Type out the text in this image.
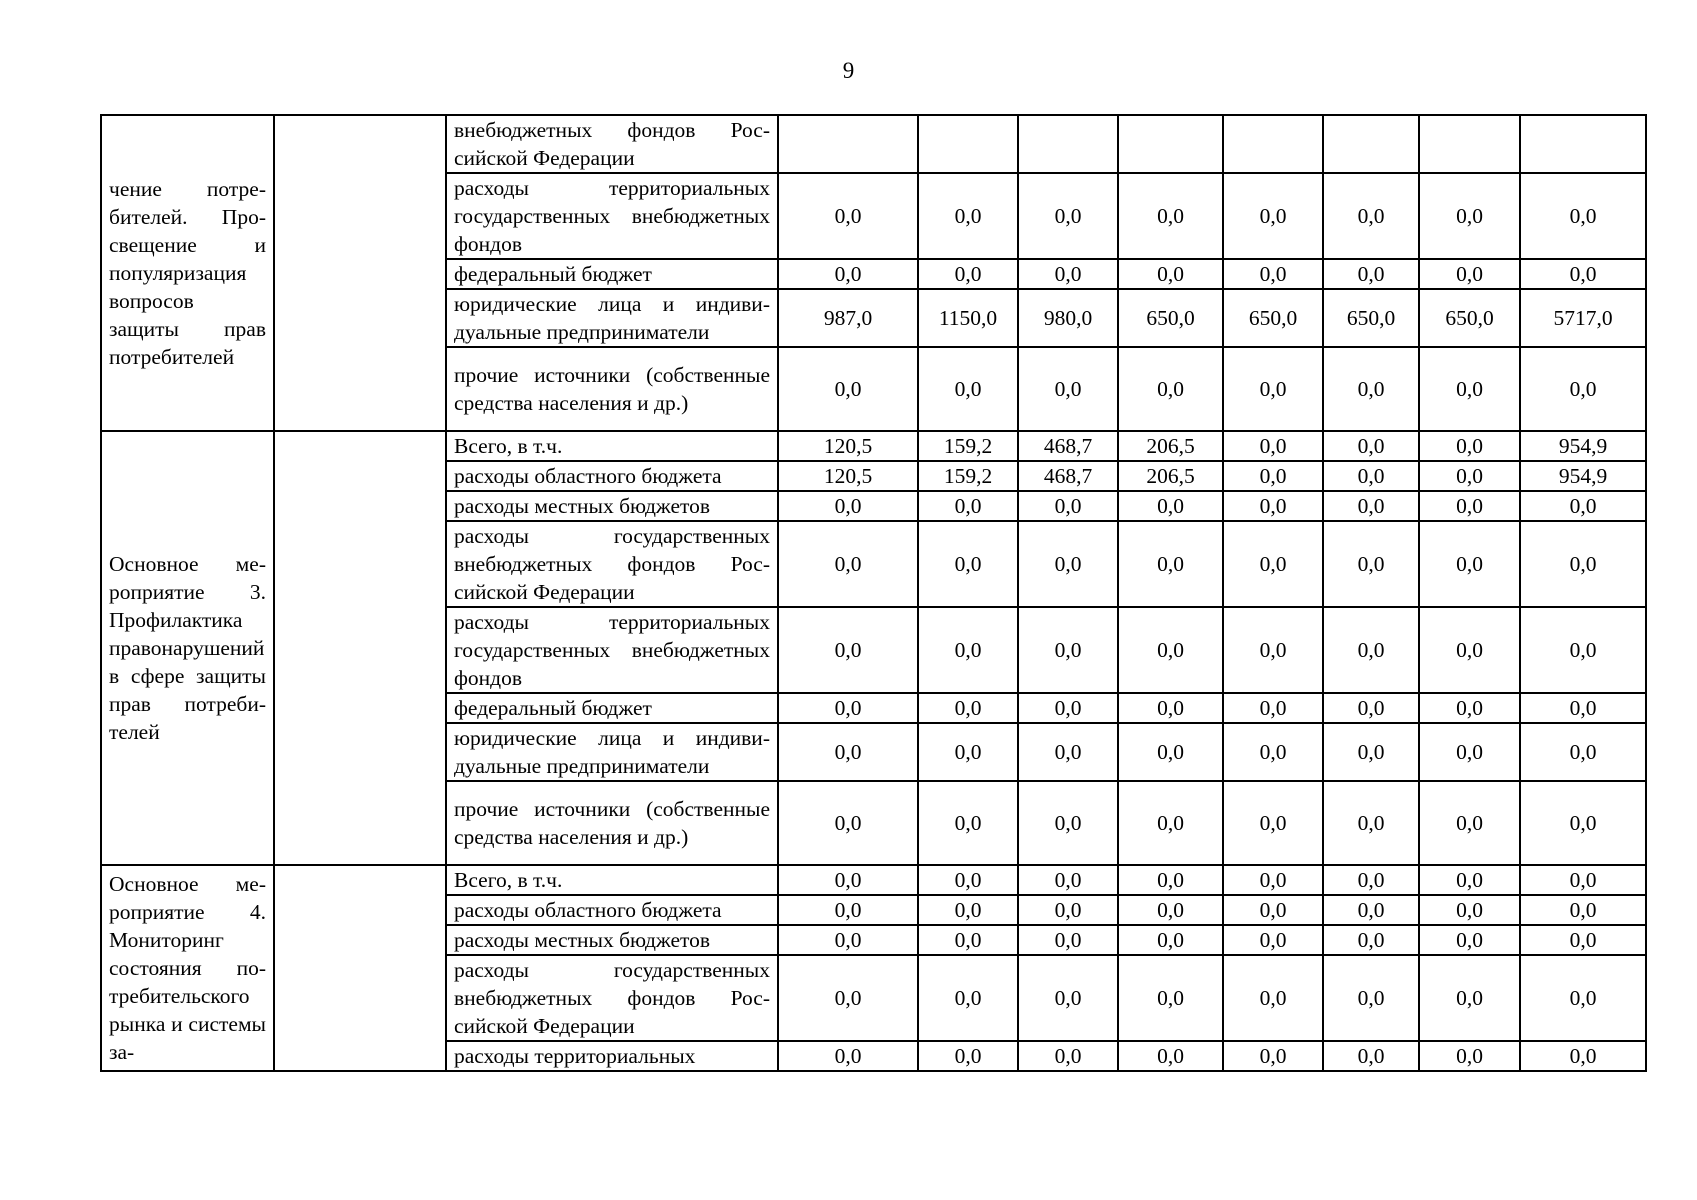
9
чение потребителей. Просвещение и популяризация вопросов защиты прав потребителей		внебюджетных фондов Российской Федерации								
		расходы территориальных государственных внебюджетных фондов	0,0	0,0	0,0	0,0	0,0	0,0	0,0	0,0
		федеральный бюджет	0,0	0,0	0,0	0,0	0,0	0,0	0,0	0,0
		юридические лица и индивидуальные предприниматели	987,0	1150,0	980,0	650,0	650,0	650,0	650,0	5717,0
		прочие источники (собственные средства населения и др.)	0,0	0,0	0,0	0,0	0,0	0,0	0,0	0,0
Основное мероприятие 3. Профилактика правонарушений в сфере защиты прав потребителей		Всего, в т.ч.	120,5	159,2	468,7	206,5	0,0	0,0	0,0	954,9
		расходы областного бюджета	120,5	159,2	468,7	206,5	0,0	0,0	0,0	954,9
		расходы местных бюджетов	0,0	0,0	0,0	0,0	0,0	0,0	0,0	0,0
		расходы государственных внебюджетных фондов Российской Федерации	0,0	0,0	0,0	0,0	0,0	0,0	0,0	0,0
		расходы территориальных государственных внебюджетных фондов	0,0	0,0	0,0	0,0	0,0	0,0	0,0	0,0
		федеральный бюджет	0,0	0,0	0,0	0,0	0,0	0,0	0,0	0,0
		юридические лица и индивидуальные предприниматели	0,0	0,0	0,0	0,0	0,0	0,0	0,0	0,0
		прочие источники (собственные средства населения и др.)	0,0	0,0	0,0	0,0	0,0	0,0	0,0	0,0
Основное мероприятие 4. Мониторинг состояния потребительского рынка и системы за-		Всего, в т.ч.	0,0	0,0	0,0	0,0	0,0	0,0	0,0	0,0
		расходы областного бюджета	0,0	0,0	0,0	0,0	0,0	0,0	0,0	0,0
		расходы местных бюджетов	0,0	0,0	0,0	0,0	0,0	0,0	0,0	0,0
		расходы государственных внебюджетных фондов Российской Федерации	0,0	0,0	0,0	0,0	0,0	0,0	0,0	0,0
		расходы территориальных	0,0	0,0	0,0	0,0	0,0	0,0	0,0	0,0
